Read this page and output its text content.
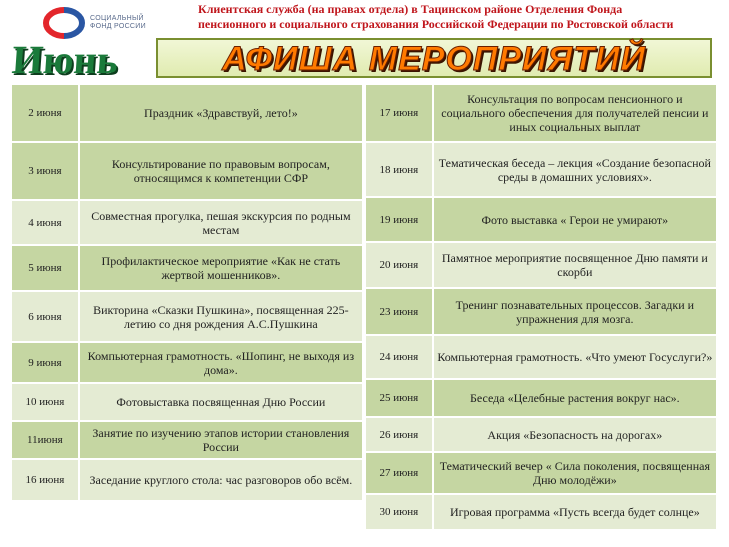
СОЦИАЛЬНЫЙ
ФОНД РОССИИ
Клиентская служба (на правах отдела) в Тацинском районе Отделения Фонда
пенсионного и социального страхования Российской Федерации по Ростовской области
Июнь	АФИША МЕРОПРИЯТИЙ
2 июня	Праздник «Здравствуй, лето!»
3 июня	Консультирование по правовым вопросам, относящимся к компетенции СФР
4 июня	Совместная прогулка, пешая экскурсия по родным местам
5 июня	Профилактическое мероприятие «Как не стать жертвой мошенников».
6 июня	Викторина «Сказки Пушкина», посвященная 225-летию со дня рождения А.С.Пушкина
9 июня	Компьютерная грамотность. «Шопинг, не выходя из дома».
10 июня	Фотовыставка посвященная Дню России
11июня	Занятие по изучению этапов истории становления России
16 июня	Заседание круглого стола: час разговоров обо всём.
17 июня	Консультация по вопросам пенсионного и социального обеспечения для получателей пенсии и иных социальных выплат
18 июня	Тематическая беседа – лекция «Создание безопасной среды в домашних условиях».
19 июня	Фото выставка « Герои не умирают»
20 июня	Памятное мероприятие посвященное Дню памяти и скорби
23 июня	Тренинг познавательных процессов. Загадки и упражнения для мозга.
24 июня	Компьютерная грамотность. «Что умеют Госуслуги?»
25 июня	Беседа «Целебные растения вокруг нас».
26 июня	Акция «Безопасность на дорогах»
27 июня	Тематический вечер « Сила поколения, посвященная Дню молодёжи»
30 июня	Игровая программа «Пусть всегда будет солнце»
